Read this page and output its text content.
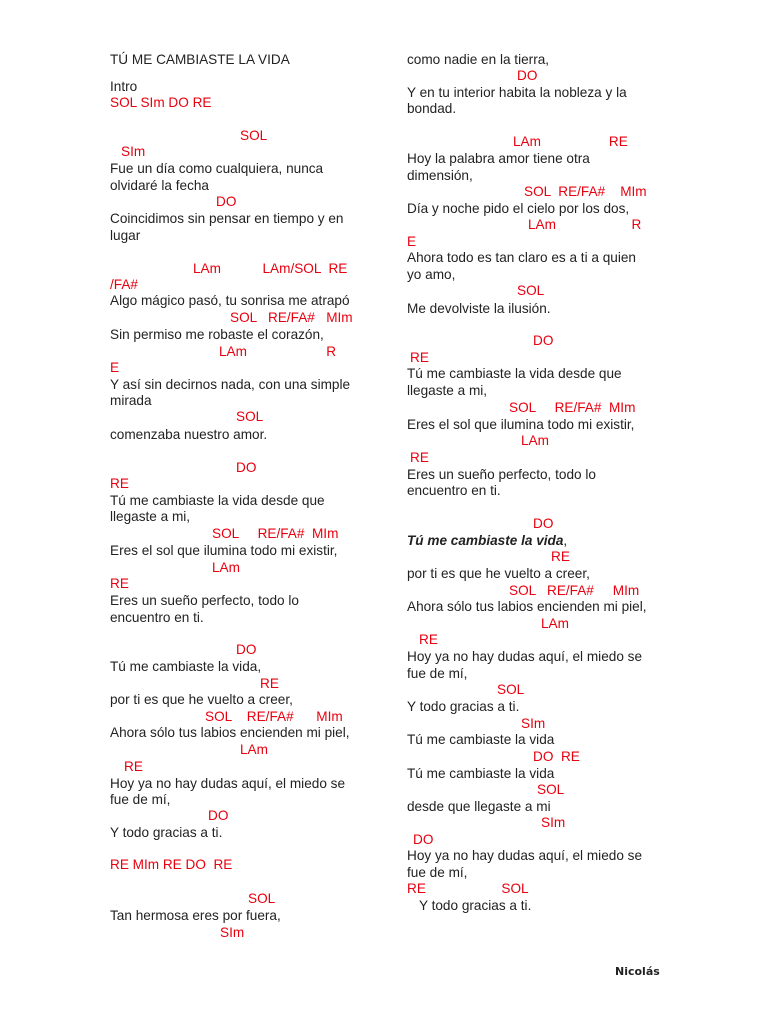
TÚ ME CAMBIASTE LA VIDA
Intro
SOL SIm DO RE
SOL
SIm
Fue un día como cualquiera, nunca
olvidaré la fecha
DO
Coincidimos sin pensar en tiempo y en
lugar
LAm           LAm/SOL  RE
/FA#
Algo mágico pasó, tu sonrisa me atrapó
SOL   RE/FA#   MIm
Sin permiso me robaste el corazón,
LAm                     R
E
Y así sin decirnos nada, con una simple
mirada
SOL
comenzaba nuestro amor.
DO
RE
Tú me cambiaste la vida desde que
llegaste a mi,
SOL     RE/FA#  MIm
Eres el sol que ilumina todo mi existir,
LAm
RE
Eres un sueño perfecto, todo lo
encuentro en ti.
DO
Tú me cambiaste la vida,
RE
por ti es que he vuelto a creer,
SOL    RE/FA#      MIm
Ahora sólo tus labios encienden mi piel,
LAm
RE
Hoy ya no hay dudas aquí, el miedo se
fue de mí,
DO
Y todo gracias a ti.
RE MIm RE DO  RE
SOL
Tan hermosa eres por fuera,
SIm
como nadie en la tierra,
DO
Y en tu interior habita la nobleza y la
bondad.
LAm                  RE
Hoy la palabra amor tiene otra
dimensión,
SOL  RE/FA#    MIm
Día y noche pido el cielo por los dos,
LAm                    R
E
Ahora todo es tan claro es a ti a quien
yo amo,
SOL
Me devolviste la ilusión.
DO
RE
Tú me cambiaste la vida desde que
llegaste a mi,
SOL     RE/FA#  MIm
Eres el sol que ilumina todo mi existir,
LAm
RE
Eres un sueño perfecto, todo lo
encuentro en ti.
DO
Tú me cambiaste la vida,
RE
por ti es que he vuelto a creer,
SOL   RE/FA#     MIm
Ahora sólo tus labios encienden mi piel,
LAm
RE
Hoy ya no hay dudas aquí, el miedo se
fue de mí,
SOL
Y todo gracias a ti.
SIm
Tú me cambiaste la vida
DO  RE
Tú me cambiaste la vida
SOL
desde que llegaste a mi
SIm
DO
Hoy ya no hay dudas aquí, el miedo se
fue de mí,
RE                    SOL
Y todo gracias a ti.
Nicolás
